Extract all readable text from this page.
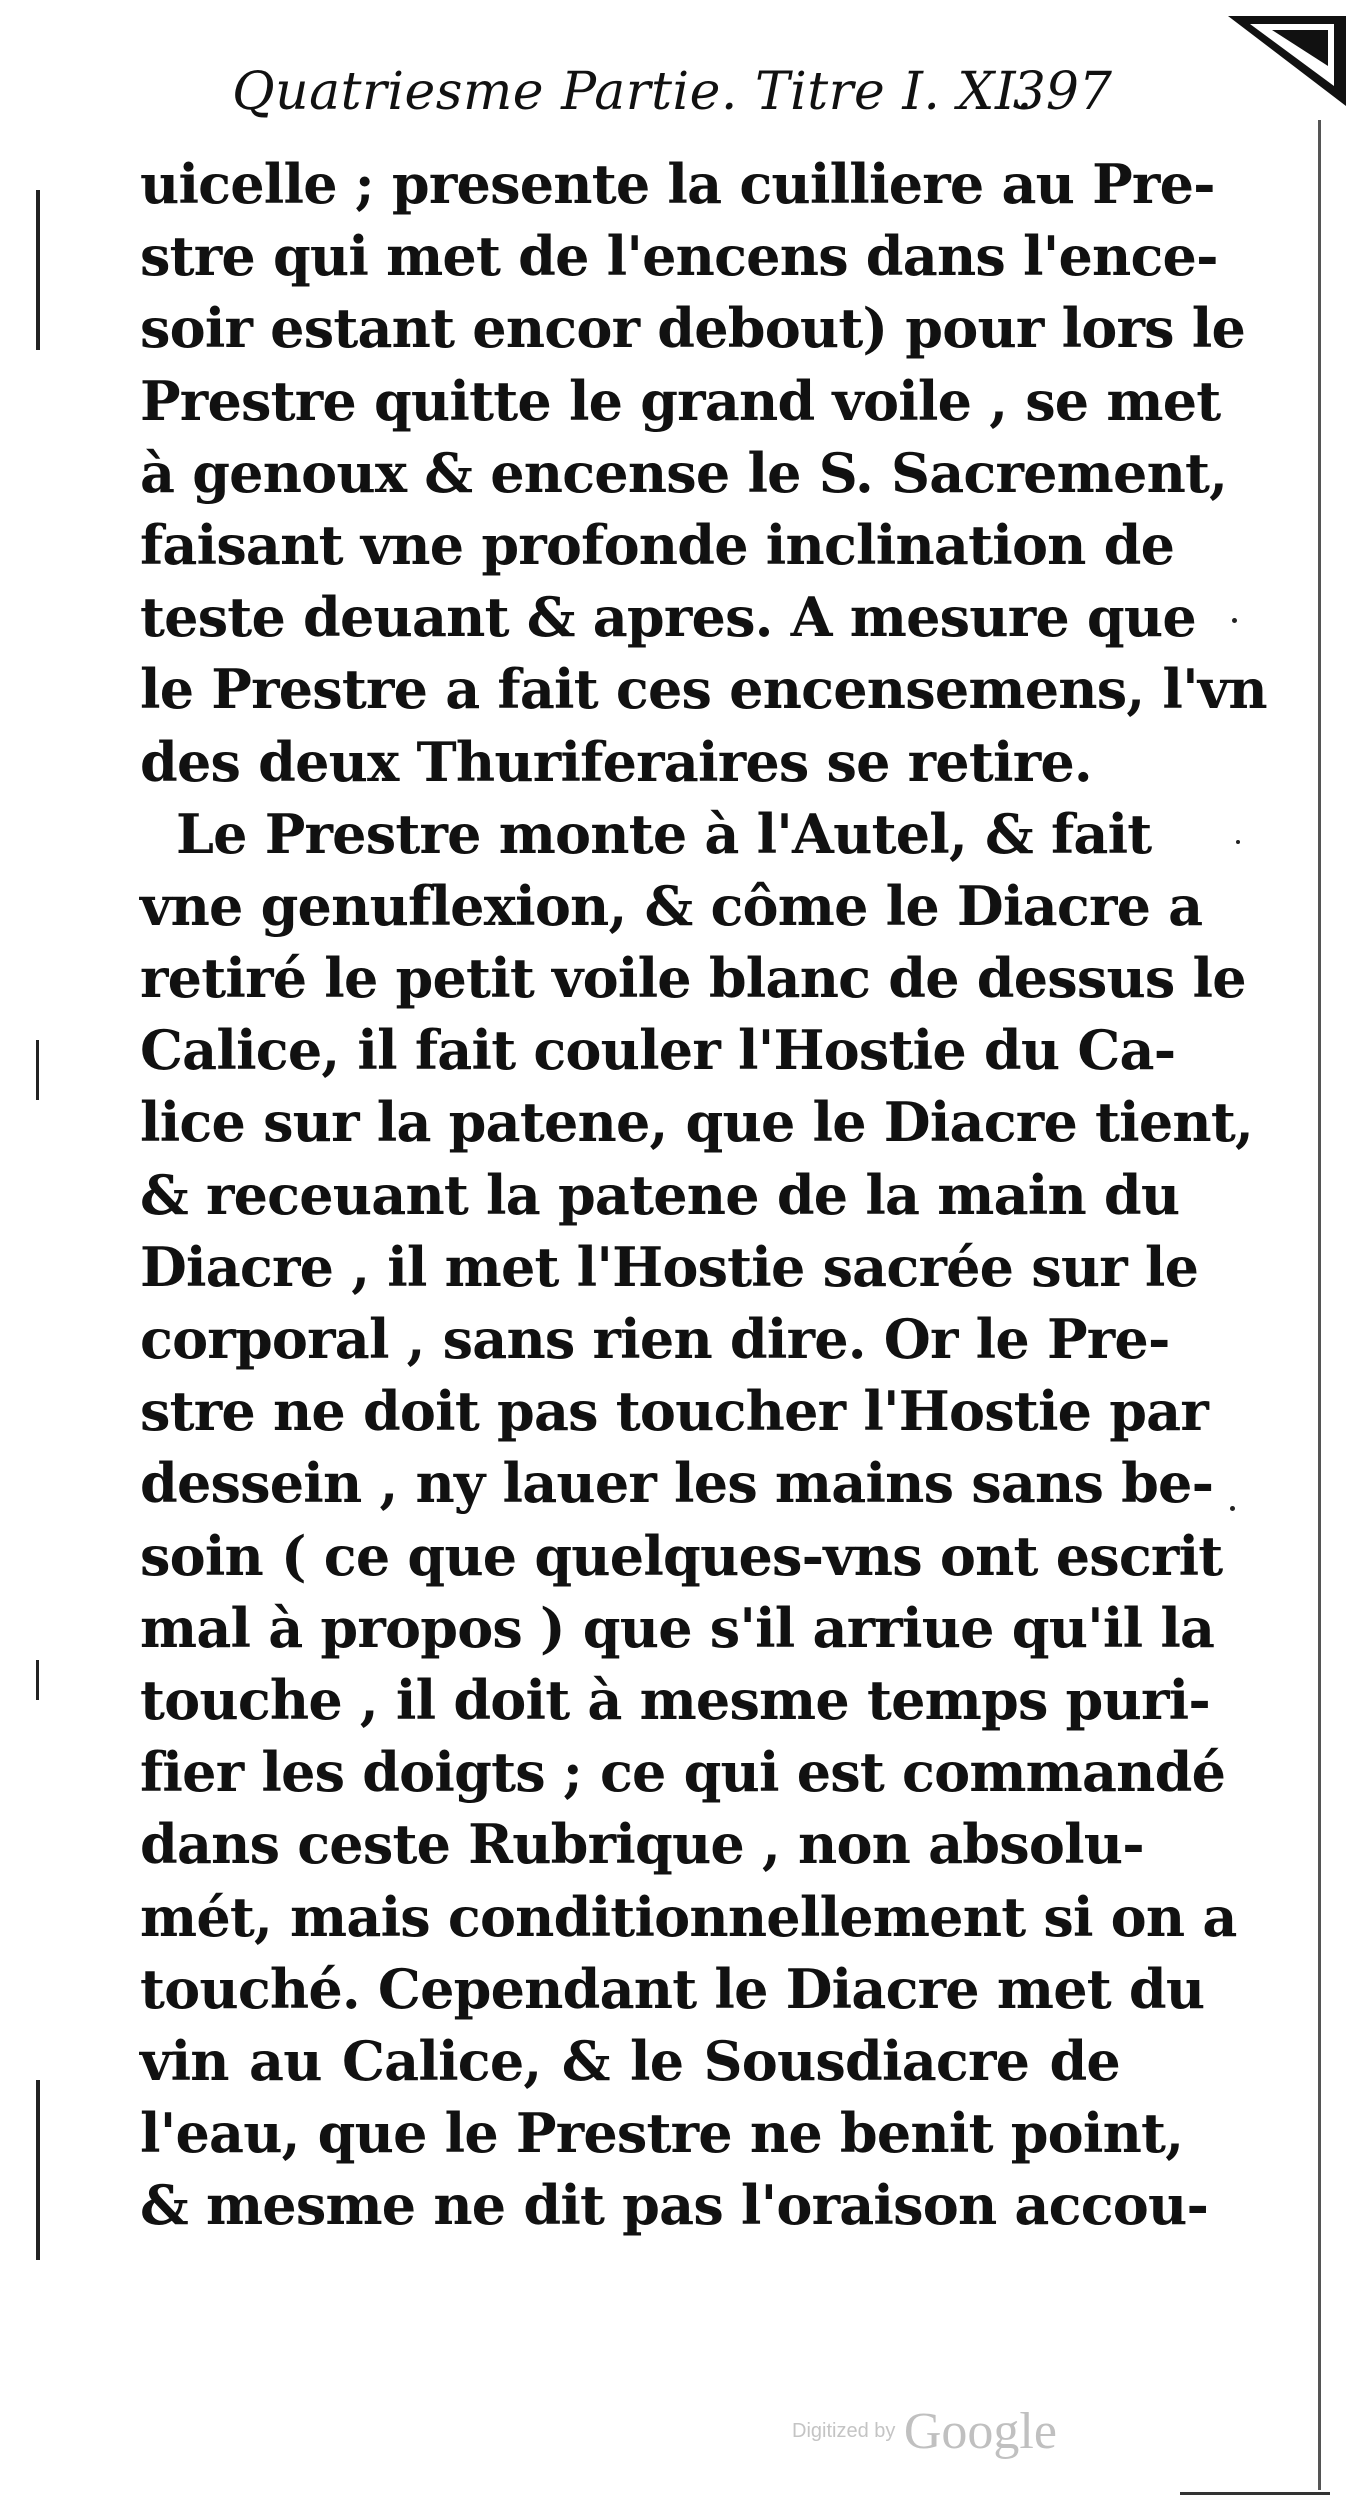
Quatriesme Partie. Titre I. XI.
397
uicelle ; presente la cuilliere au Pre-
stre qui met de l'encens dans l'ence-
soir estant encor debout) pour lors le
Prestre quitte le grand voile , se met
à genoux & encense le S. Sacrement,
faisant vne profonde inclination de
teste deuant & apres. A mesure que
le Prestre a fait ces encensemens, l'vn
des deux Thuriferaires se retire.
Le Prestre monte à l'Autel, & fait
vne genuflexion, & côme le Diacre a
retiré le petit voile blanc de dessus le
Calice, il fait couler l'Hostie du Ca-
lice sur la patene, que le Diacre tient,
& receuant la patene de la main du
Diacre , il met l'Hostie sacrée sur le
corporal , sans rien dire. Or le Pre-
stre ne doit pas toucher l'Hostie par
dessein , ny lauer les mains sans be-
soin ( ce que quelques-vns ont escrit
mal à propos ) que s'il arriue qu'il la
touche , il doit à mesme temps puri-
fier les doigts ; ce qui est commandé
dans ceste Rubrique , non absolu-
mét, mais conditionnellement si on a
touché. Cependant le Diacre met du
vin au Calice, & le Sousdiacre de
l'eau, que le Prestre ne benit point,
& mesme ne dit pas l'oraison accou-
Digitized by Google
